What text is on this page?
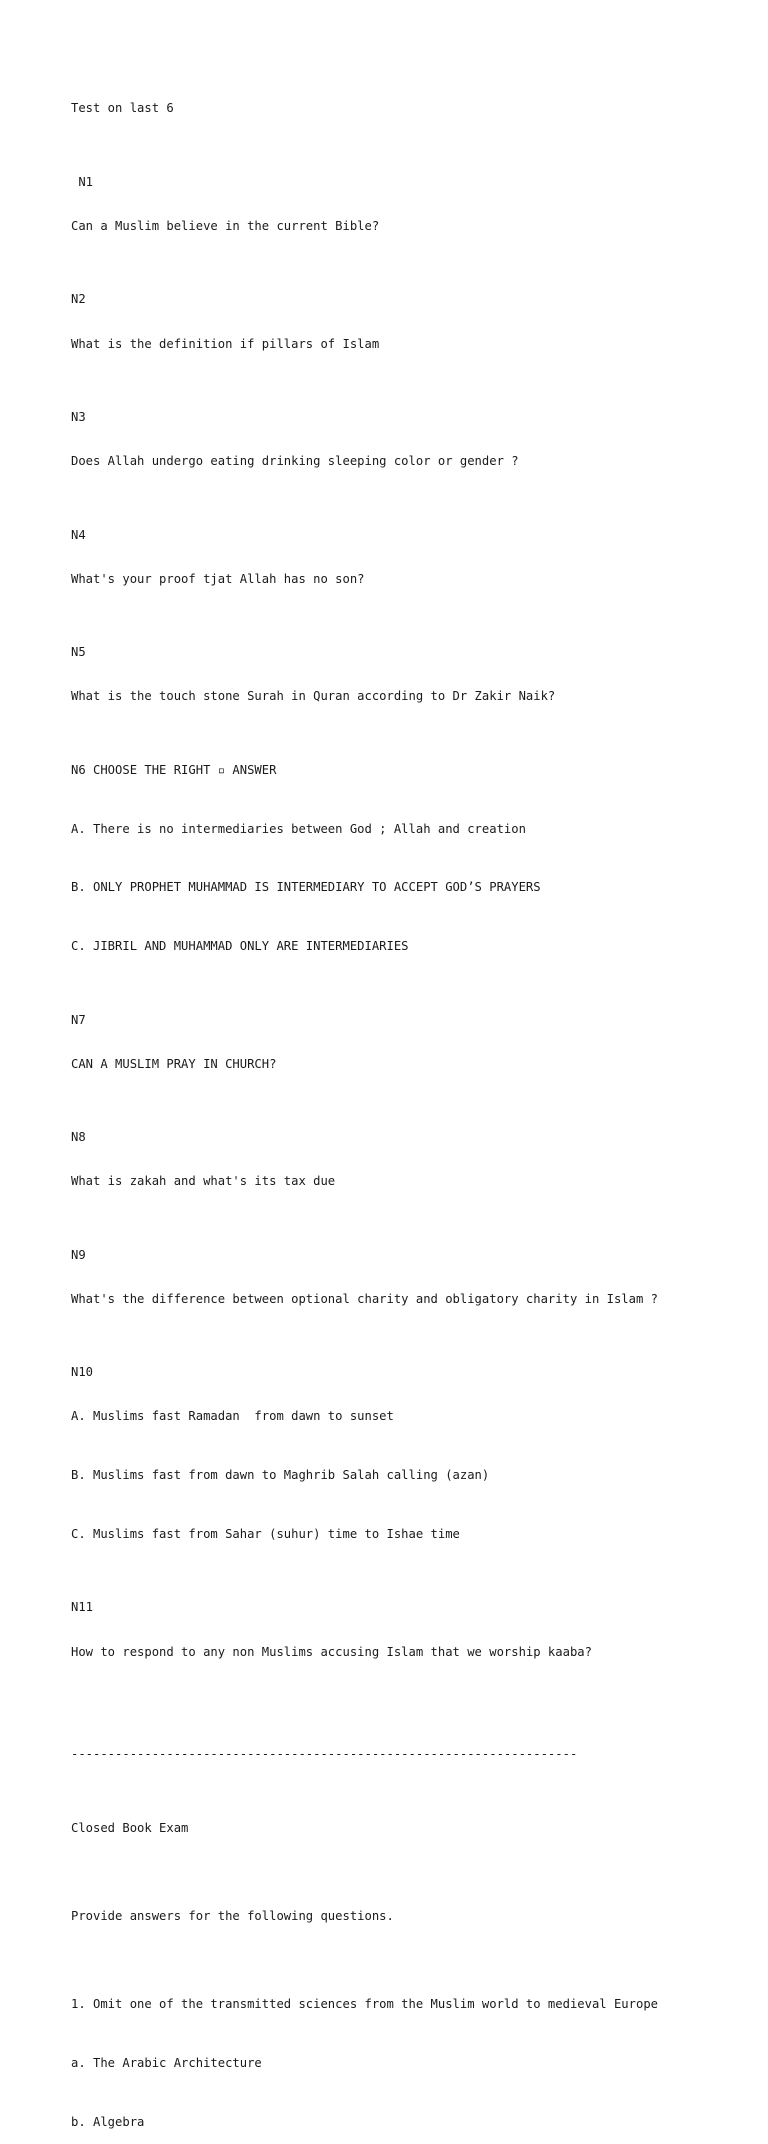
Test on last 6

N1

Can a Muslim believe in the current Bible?

N2

What is the definition if pillars of Islam

N3

Does Allah undergo eating drinking sleeping color or gender ?

N4

What's your proof tjat Allah has no son?

N5

What is the touch stone Surah in Quran according to Dr Zakir Naik?

N6 CHOOSE THE RIGHT ▫ ANSWER

A. There is no intermediaries between God ; Allah and creation

B. ONLY PROPHET MUHAMMAD IS INTERMEDIARY TO ACCEPT GOD’S PRAYERS

C. JIBRIL AND MUHAMMAD ONLY ARE INTERMEDIARIES

N7

CAN A MUSLIM PRAY IN CHURCH?

N8

What is zakah and what's its tax due

N9

What's the difference between optional charity and obligatory charity in Islam ?

N10

A. Muslims fast Ramadan  from dawn to sunset

B. Muslims fast from dawn to Maghrib Salah calling (azan)

C. Muslims fast from Sahar (suhur) time to Ishae time

N11

How to respond to any non Muslims accusing Islam that we worship kaaba?

---------------------------------------------------------------------

Closed Book Exam

Provide answers for the following questions.

1. Omit one of the transmitted sciences from the Muslim world to medieval Europe

a. The Arabic Architecture

b. Algebra
